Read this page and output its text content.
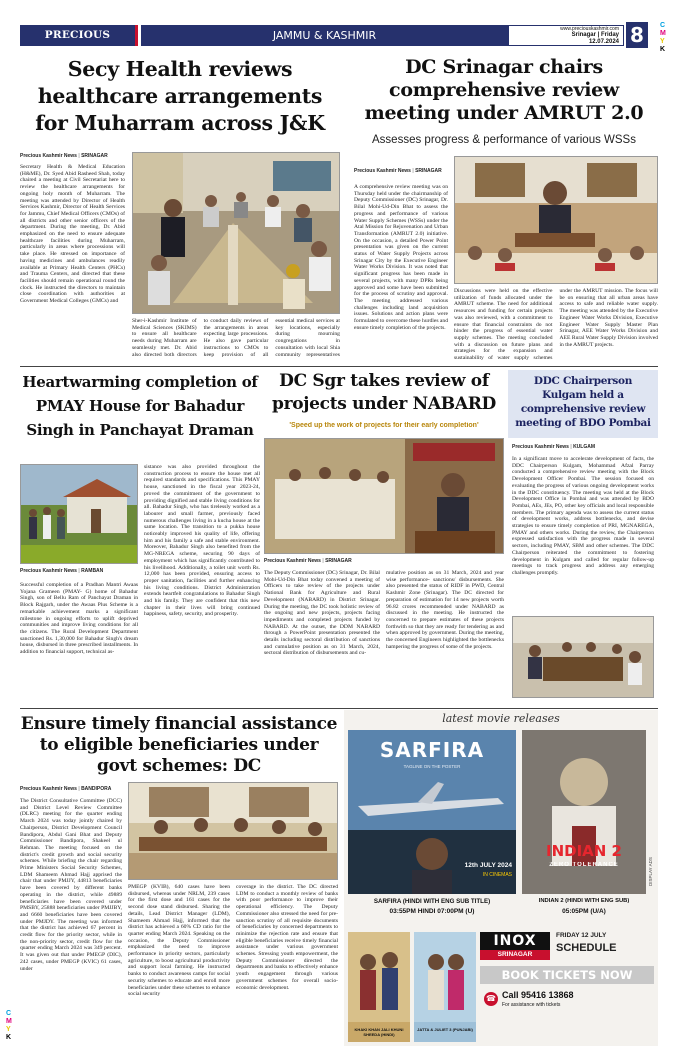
PRECIOUS	JAMMU & KASHMIR	www.preciouskashmir.com
Srinagar | Friday
12.07.2024 8	C
M
Y
K
C
M
Y
K
Secy Health reviews healthcare arrangements for Muharram across J&K
Precious Kashmir News | SRINAGAR
Secretary Health & Medical Education (H&ME), Dr. Syed Abid Rasheed Shah, today chaired a meeting at Civil Secretariat here to review the healthcare arrangements for ongoing holy month of Muharram. The meeting was attended by Director of Health Services Kashmir, Director of Health Services for Jammu, Chief Medical Officers (CMOs) of all districts and other senior officers of the department. During the meeting, Dr. Abid emphasized on the need to ensure adequate healthcare facilities during Muharram, particularly in areas where processions will take place. He stressed on importance of having medicines and ambulances readily available at Primary Health Centers (PHCs) and Trauma Centers, and directed that these facilities should remain operational round the clock. He instructed the directors to maintain close coordination with authorities at Government Medical Colleges (GMCs) and
Sher-i-Kashmir Institute of Medical Sciences (SKIMS) to ensure all healthcare needs during Muharram are seamlessly met. Dr. Abid also directed both directors to conduct daily reviews of the arrangements in areas expecting large processions. He also gave particular instructions to CMOs to keep provision of all essential medical services at key locations, especially during mourning congregations in consultation with local Shia community representatives
DC Srinagar chairs comprehensive review meeting under AMRUT 2.0
Assesses progress & performance of various WSSs
Precious Kashmir News | SRINAGAR
A comprehensive review meeting was on Thursday held under the chairmanship of Deputy Commissioner (DC) Srinagar, Dr. Bilal Mohi-Ud-Din Bhat to assess the progress and performance of various Water Supply Schemes (WSSs) under the Atal Mission for Rejuvenation and Urban Transformation (AMRUT 2.0) initiative. On the occasion, a detailed Power Point presentation was given on the current status of Water Supply Projects across Srinagar City by the Executive Engineer Water Works Division. It was noted that significant progress has been made in several projects, with many DPRs being approved and some have been submitted for the process of scrutiny and approval. The meeting addressed various challenges including land acquisition issues. Solutions and action plans were formulated to overcome these hurdles and ensure timely completion of the projects.
Discussions were held on the effective utilization of funds allocated under the AMRUT scheme. The need for additional resources and funding for certain projects was also reviewed, with a commitment to ensure that financial constraints do not hinder the progress of essential water supply schemes. The meeting concluded with a discussion on future plans and strategies for the expansion and sustainability of water supply schemes under the AMRUT mission. The focus will be on ensuring that all urban areas have access to safe and reliable water supply. The meeting was attended by the Executive Engineer Water Works Division, Executive Engineer Water Supply Master Plan Srinagar, AEE Water Works Division and AEE Rural Water Supply Division involved in the AMRUT projects.
Heartwarming completion of PMAY House for Bahadur Singh in Panchayat Draman
Precious Kashmir News | RAMBAN
Successful completion of a Pradhan Mantri Awaas Yojana Grameen (PMAY- G) home of Bahadur Singh, son of Bellu Ram of Panchayat Draman in Block Rajgarh, under the Awaas Plus Scheme is a remarkable achievement marks a significant milestone in ongoing efforts to uplift deprived communities and improve living conditions for all the citizens. The Rural Development Department sanctioned Rs. 1,30,000 for Bahadur Singh's dream house, disbursed in three prescribed installments. In addition to financial support, technical as-
sistance was also provided throughout the construction process to ensure the house met all required standards and specifications. This PMAY house, sanctioned in the fiscal year 2023-24, proved the commitment of the government to providing dignified and stable living conditions for all. Bahadur Singh, who has tirelessly worked as a labourer and small farmer, previously faced numerous challenges living in a kucha house at the same location. The transition to a pukka house noticeably improved his quality of life, offering him and his family a safe and stable environment. Moreover, Bahadur Singh also benefited from the MG-NREGA scheme, securing 90 days of employment which has significantly contributed to his livelihood. Additionally, a toilet unit worth Rs. 12,000 has been provided, ensuring access to proper sanitation, facilities and further enhancing his living conditions. District Administration extends heartfelt congratulations to Bahadur Singh and his family. They are confident that this new chapter in their lives will bring continued happiness, safety, security, and prosperity.
DC Sgr takes review of projects under NABARD
'Speed up the work of projects for their early completion'
Precious Kashmir News | SRINAGAR
The Deputy Commissioner (DC) Srinagar, Dr. Bilal Mohi-Ud-Din Bhat today convened a meeting of Officers to take review of the projects under National Bank for Agriculture and Rural Development (NABARD) in District Srinagar. During the meeting, the DC took holistic review of the ongoing and new projects, projects facing impediments and completed projects funded by NABARD. At the outset, the DDM NABARD through a PowerPoint presentation presented the details including sectoral distribution of sanctions and cumulative position as on 31 March, 2024, sectoral distribution of disbursements and cu-
mulative position as on 31 March, 2024 and year wise performance- sanctions/ disbursements. She also presented the status of RIDF in PWD, Central Kashmir Zone (Srinagar). The DC directed for preparation of estimation for 14 new projects worth 96.82 crores recommended under NABARD as discussed in the meeting. He instructed the concerned to prepare estimates of these projects forthwith so that they are ready for tendering as and when approved by government. During the meeting, the concerned Engineers highlighted the bottlenecks hampering the progress of some of the projects.
DDC Chairperson Kulgam held a comprehensive review meeting of BDO Pombai
Precious Kashmir News | KULGAM
In a significant move to accelerate development of facts, the DDC Chairperson Kulgam, Mohammad Afzal Parray conducted a comprehensive review meeting with the Block Development Officer Pombai. The session focused on evaluating the progress of various ongoing development works in the DDC constituency. The meeting was held at the Block Development Office in Pombai and was attended by BDO Pombai, AEs, JEs, PO, other key officials and local responsible members. The primary agenda was to assess the current status of development works, address bottlenecks, and devise strategies to ensure timely completion of PRI, MGNAREGA, PMAY and others works. During the review, the Chairperson expressed satisfaction with the progress made in several sectors, including PMAY, SBM and other schemes. The DDC Chairperson reiterated the commitment to fostering development in Kulgam and called for regular follow-up meetings to track progress and address any emerging challenges promptly.
Ensure timely financial assistance to eligible beneficiaries under govt schemes: DC
Precious Kashmir News | BANDIPORA
The District Consultative Committee (DCC) and District Level Review Committee (DLRC) meeting for the quarter ending March 2024 was today jointly chaired by Chairperson, District Development Council Bandipora, Abdul Gani Bhat and Deputy Commissioner Bandipora, Shakeel ul Rehman. The meeting focused on the district's credit growth and social security schemes. While briefing the chair regarding Prime Ministers Social Security Schemes, LDM Shameem Ahmad Hajj apprised the chair that under PMJJY, 44813 beneficiaries have been covered by different banks operating in the district, while 49889 beneficiaries have been covered under PMSBY, 25888 beneficiaries under PMJJBY, and 6660 beneficiaries have been covered under PMJDY. The meeting was informed that the district has achieved 67 percent in credit flow for the priority sector, while in the non-priority sector, credit flow for the quarter ending March 2024 was 349 percent. It was given out that under PMEGP (DIC), 242 cases, under PMEGP (KVIC) 61 cases, under
PMEGP (KVIB), 640 cases have been disbursed, whereas under NRLM, 239 cases for the first dose and 161 cases for the second dose stand disbursed. Sharing the details, Lead District Manager (LDM), Shameem Ahmad Hajj, informed that the district has achieved a 60% CD ratio for the quarter ending March 2024. Speaking on the occasion, the Deputy Commissioner emphasized the need to improve performance in priority sectors, particularly agriculture, to boost agricultural productivity and support local farming. He instructed banks to conduct awareness camps for social security schemes to educate and enroll more beneficiaries under these schemes to enhance social security
coverage in the district. The DC directed LDM to conduct a monthly review of banks with poor performance to improve their operational efficiency. The Deputy Commissioner also stressed the need for pre-sanction scrutiny of all requisite documents of beneficiaries by concerned departments to minimize the rejection rate and ensure that eligible beneficiaries receive timely financial assistance under various government schemes. Stressing youth empowerment, the Deputy Commissioner directed the departments and banks to effectively enhance youth engagement through various government schemes for overall socio-economic development.
latest movie releases
SARFIRA
TAGLINE ON THE POSTER
12th JULY 2024
IN CINEMAS
INDIAN 2
ZERO TOLERANCE	DISPLAY ADS
SARFIRA (HINDI WITH ENG SUB TITLE)
03:55PM HINDI 07:00PM (U)
INDIAN 2 (HINDI WITH ENG SUB)
05:05PM (U/A)
INOX
SRINAGAR
FRIDAY 12 JULY
SCHEDULE
BOOK TICKETS NOW
☎ Call 95416 13868
For assistance with tickets
KHAKI KHAN JALI KHUNI SHEEDA (HINDI)
JATTA & JULIET 3 (PUNJABI)
